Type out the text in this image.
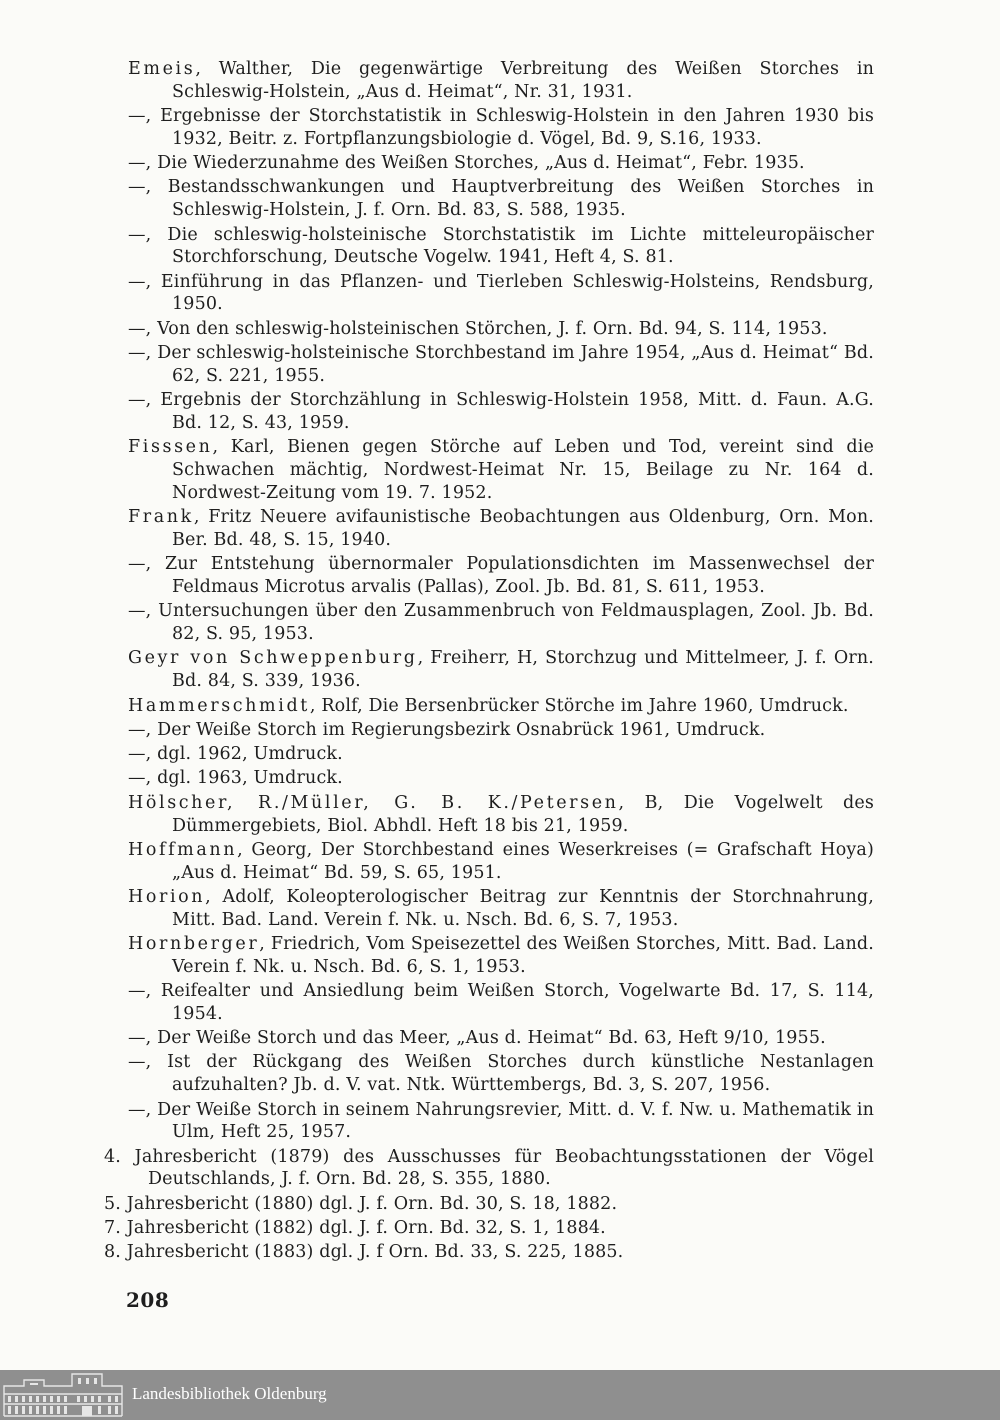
Emeis, Walther, Die gegenwärtige Verbreitung des Weißen Storches in Schleswig-Holstein, „Aus d. Heimat“, Nr. 31, 1931.
—, Ergebnisse der Storchstatistik in Schleswig-Holstein in den Jahren 1930 bis 1932, Beitr. z. Fortpflanzungsbiologie d. Vögel, Bd. 9, S.16, 1933.
—, Die Wiederzunahme des Weißen Storches, „Aus d. Heimat“, Febr. 1935.
—, Bestandsschwankungen und Hauptverbreitung des Weißen Storches in Schleswig-Holstein, J. f. Orn. Bd. 83, S. 588, 1935.
—, Die schleswig-holsteinische Storchstatistik im Lichte mitteleuropäischer Storchforschung, Deutsche Vogelw. 1941, Heft 4, S. 81.
—, Einführung in das Pflanzen- und Tierleben Schleswig-Holsteins, Rendsburg, 1950.
—, Von den schleswig-holsteinischen Störchen, J. f. Orn. Bd. 94, S. 114, 1953.
—, Der schleswig-holsteinische Storchbestand im Jahre 1954, „Aus d. Heimat“ Bd. 62, S. 221, 1955.
—, Ergebnis der Storchzählung in Schleswig-Holstein 1958, Mitt. d. Faun. A.G. Bd. 12, S. 43, 1959.
Fisssen, Karl, Bienen gegen Störche auf Leben und Tod, vereint sind die Schwachen mächtig, Nordwest-Heimat Nr. 15, Beilage zu Nr. 164 d. Nordwest-Zeitung vom 19. 7. 1952.
Frank, Fritz Neuere avifaunistische Beobachtungen aus Oldenburg, Orn. Mon. Ber. Bd. 48, S. 15, 1940.
—, Zur Entstehung übernormaler Populationsdichten im Massenwechsel der Feldmaus Microtus arvalis (Pallas), Zool. Jb. Bd. 81, S. 611, 1953.
—, Untersuchungen über den Zusammenbruch von Feldmausplagen, Zool. Jb. Bd. 82, S. 95, 1953.
Geyr von Schweppenburg, Freiherr, H, Storchzug und Mittelmeer, J. f. Orn. Bd. 84, S. 339, 1936.
Hammerschmidt, Rolf, Die Bersenbrücker Störche im Jahre 1960, Umdruck.
—, Der Weiße Storch im Regierungsbezirk Osnabrück 1961, Umdruck.
—, dgl. 1962, Umdruck.
—, dgl. 1963, Umdruck.
Hölscher, R./Müller, G. B. K./Petersen, B, Die Vogelwelt des Dümmergebiets, Biol. Abhdl. Heft 18 bis 21, 1959.
Hoffmann, Georg, Der Storchbestand eines Weserkreises (= Grafschaft Hoya) „Aus d. Heimat“ Bd. 59, S. 65, 1951.
Horion, Adolf, Koleopterologischer Beitrag zur Kenntnis der Storchnahrung, Mitt. Bad. Land. Verein f. Nk. u. Nsch. Bd. 6, S. 7, 1953.
Hornberger, Friedrich, Vom Speisezettel des Weißen Storches, Mitt. Bad. Land. Verein f. Nk. u. Nsch. Bd. 6, S. 1, 1953.
—, Reifealter und Ansiedlung beim Weißen Storch, Vogelwarte Bd. 17, S. 114, 1954.
—, Der Weiße Storch und das Meer, „Aus d. Heimat“ Bd. 63, Heft 9/10, 1955.
—, Ist der Rückgang des Weißen Storches durch künstliche Nestanlagen aufzuhalten? Jb. d. V. vat. Ntk. Württembergs, Bd. 3, S. 207, 1956.
—, Der Weiße Storch in seinem Nahrungsrevier, Mitt. d. V. f. Nw. u. Mathematik in Ulm, Heft 25, 1957.
4. Jahresbericht (1879) des Ausschusses für Beobachtungsstationen der Vögel Deutschlands, J. f. Orn. Bd. 28, S. 355, 1880.
5. Jahresbericht (1880) dgl. J. f. Orn. Bd. 30, S. 18, 1882.
7. Jahresbericht (1882) dgl. J. f. Orn. Bd. 32, S. 1, 1884.
8. Jahresbericht (1883) dgl. J. f Orn. Bd. 33, S. 225, 1885.
208
Landesbibliothek Oldenburg
